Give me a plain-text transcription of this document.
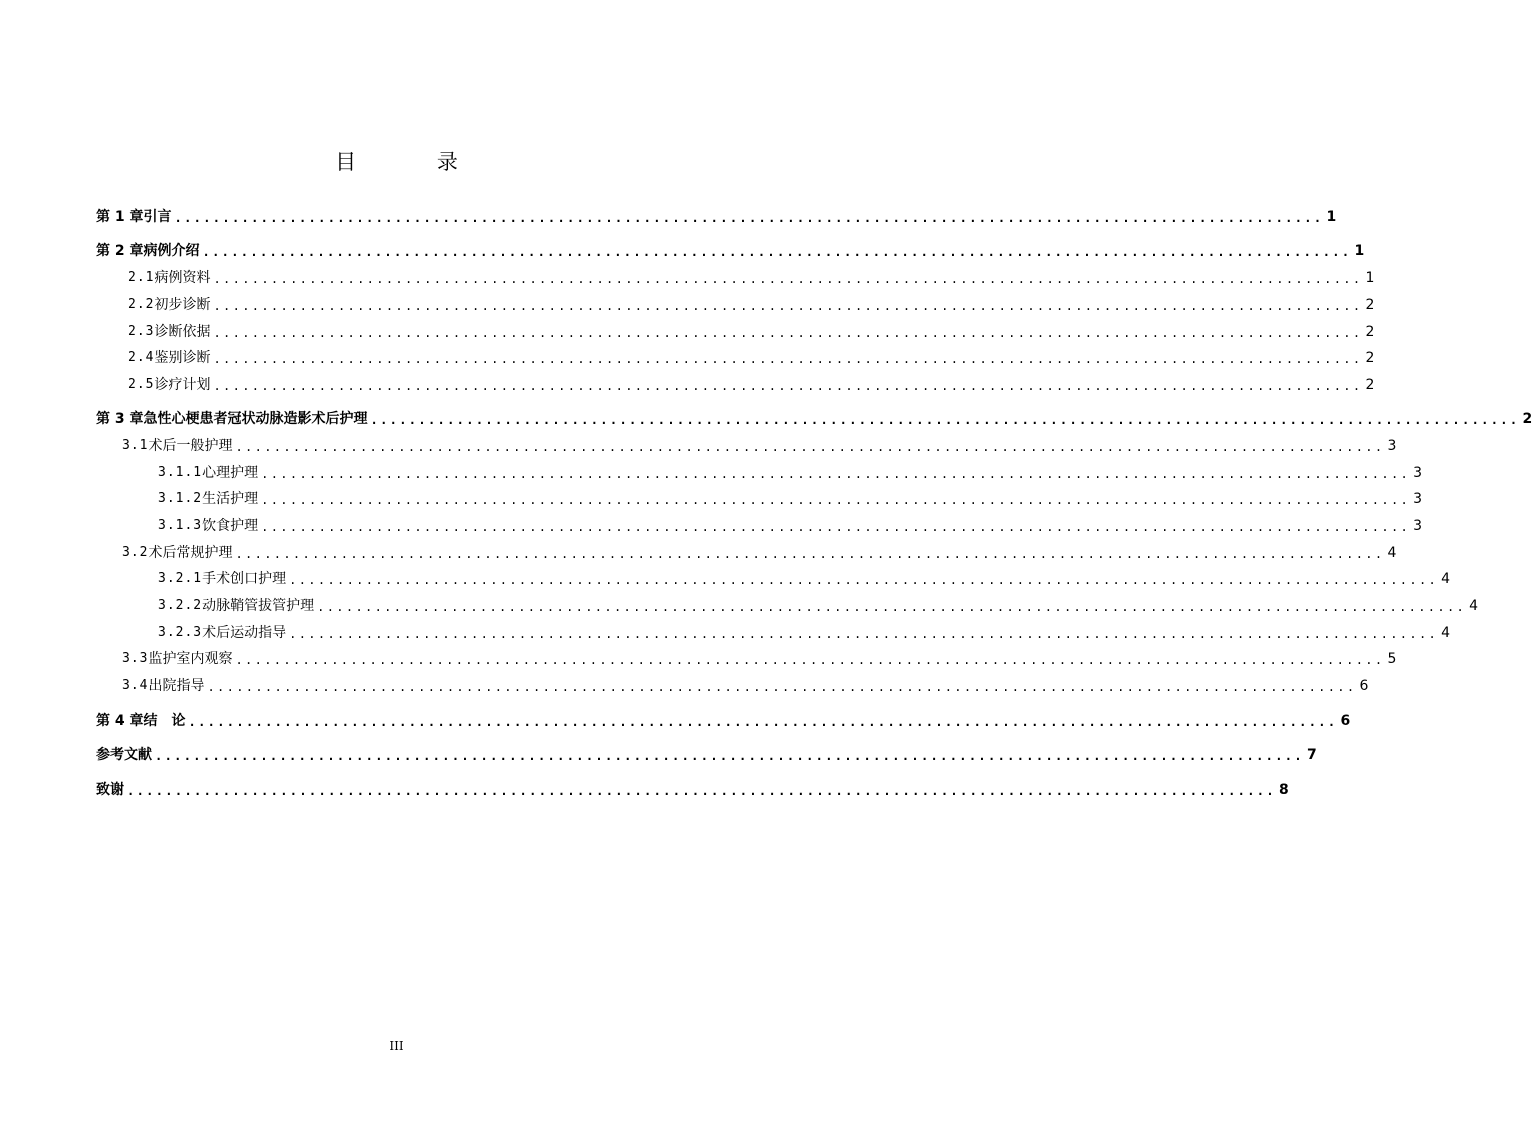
目 录
第 1 章 引言 ........................................................................................................................ 1
第 2 章 病例介绍 ........................................................................................................................ 1
2.1 病例资料 ........................................................................................................................ 1
2.2 初步诊断 ........................................................................................................................ 2
2.3 诊断依据 ........................................................................................................................ 2
2.4 鉴别诊断 ........................................................................................................................ 2
2.5 诊疗计划 ........................................................................................................................ 2
第 3 章 急性心梗患者冠状动脉造影术后护理 ........................................................................................................................ 2
3.1 术后一般护理 ........................................................................................................................ 3
3.1.1 心理护理 ........................................................................................................................ 3
3.1.2 生活护理 ........................................................................................................................ 3
3.1.3 饮食护理 ........................................................................................................................ 3
3.2 术后常规护理 ........................................................................................................................ 4
3.2.1 手术创口护理 ........................................................................................................................ 4
3.2.2 动脉鞘管拔管护理 ........................................................................................................................ 4
3.2.3 术后运动指导 ........................................................................................................................ 4
3.3 监护室内观察 ........................................................................................................................ 5
3.4 出院指导 ........................................................................................................................ 6
第 4 章 结　论 ........................................................................................................................ 6
参考文献 ........................................................................................................................ 7
致谢 ........................................................................................................................ 8
III
